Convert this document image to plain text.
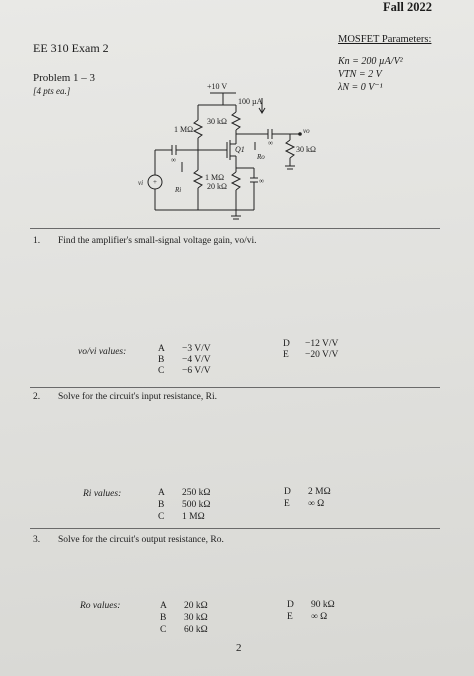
Fall 2022
EE 310 Exam 2
Problem 1 – 3
[4 pts ea.]
MOSFET Parameters:
Kn = 200 µA/V²
VTN = 2 V
λN = 0 V⁻¹
+
+10 V
100 µA
30 kΩ
1 MΩ
Q1
∞
vo
30 kΩ
Ro
∞
1 MΩ
20 kΩ
∞
vi
Ri
1. Find the amplifier's small-signal voltage gain, vo/vi.
vo/vi values:	A −3 V/V
B −4 V/V
C −6 V/V
D −12 V/V
E −20 V/V
2. Solve for the circuit's input resistance, Ri.
Ri values:	A 250 kΩ
B 500 kΩ
C 1 MΩ
D 2 MΩ
E ∞ Ω
3. Solve for the circuit's output resistance, Ro.
Ro values:	A 20 kΩ
B 30 kΩ
C 60 kΩ
D 90 kΩ
E ∞ Ω
2
